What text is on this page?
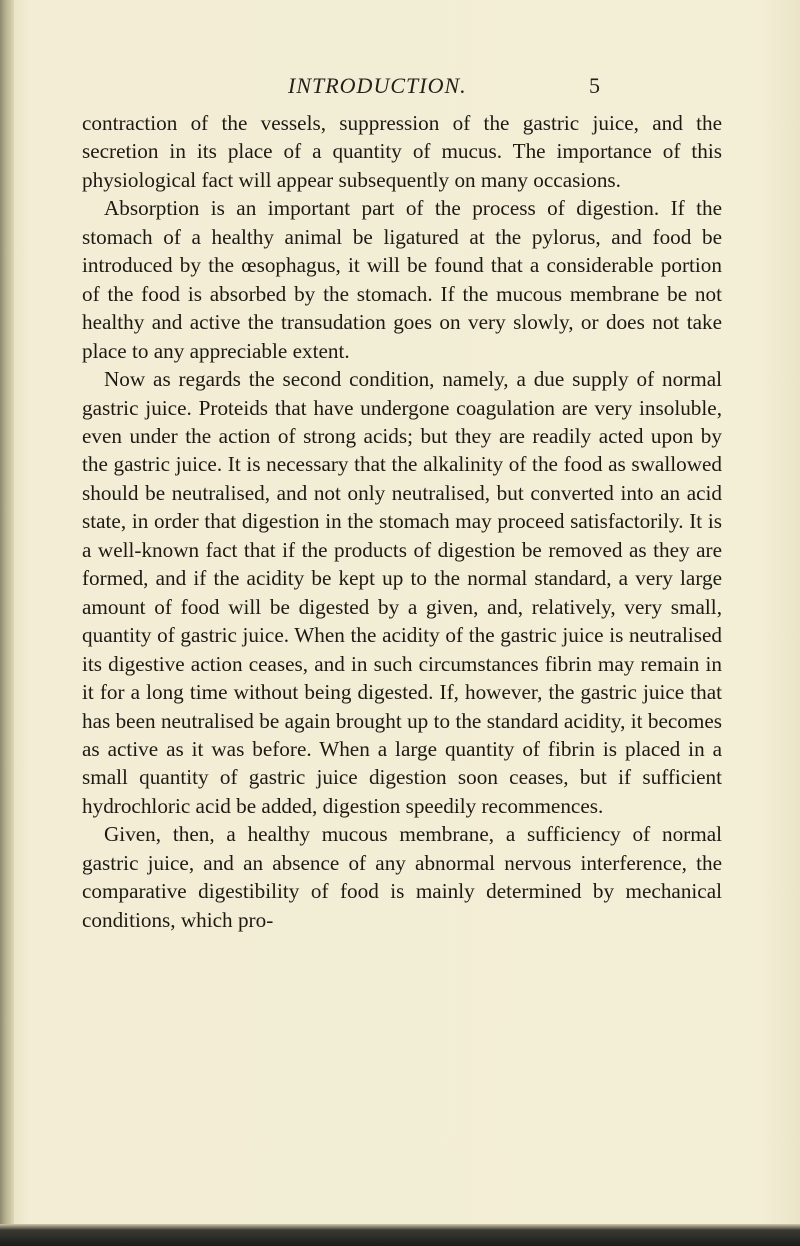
INTRODUCTION.	5

contraction of the vessels, suppression of the gastric juice, and the secretion in its place of a quantity of mucus. The importance of this physiological fact will appear subsequently on many occasions.

Absorption is an important part of the process of digestion. If the stomach of a healthy animal be ligatured at the pylorus, and food be introduced by the œsophagus, it will be found that a considerable portion of the food is absorbed by the stomach. If the mucous membrane be not healthy and active the transudation goes on very slowly, or does not take place to any appreciable extent.

Now as regards the second condition, namely, a due supply of normal gastric juice. Proteids that have undergone coagulation are very insoluble, even under the action of strong acids; but they are readily acted upon by the gastric juice. It is necessary that the alkalinity of the food as swallowed should be neutralised, and not only neutralised, but converted into an acid state, in order that digestion in the stomach may proceed satisfactorily. It is a well-known fact that if the products of digestion be removed as they are formed, and if the acidity be kept up to the normal standard, a very large amount of food will be digested by a given, and, relatively, very small, quantity of gastric juice. When the acidity of the gastric juice is neutralised its digestive action ceases, and in such circumstances fibrin may remain in it for a long time without being digested. If, however, the gastric juice that has been neutralised be again brought up to the standard acidity, it becomes as active as it was before. When a large quantity of fibrin is placed in a small quantity of gastric juice digestion soon ceases, but if sufficient hydrochloric acid be added, digestion speedily recommences.

Given, then, a healthy mucous membrane, a sufficiency of normal gastric juice, and an absence of any abnormal nervous interference, the comparative digestibility of food is mainly determined by mechanical conditions, which pro-
